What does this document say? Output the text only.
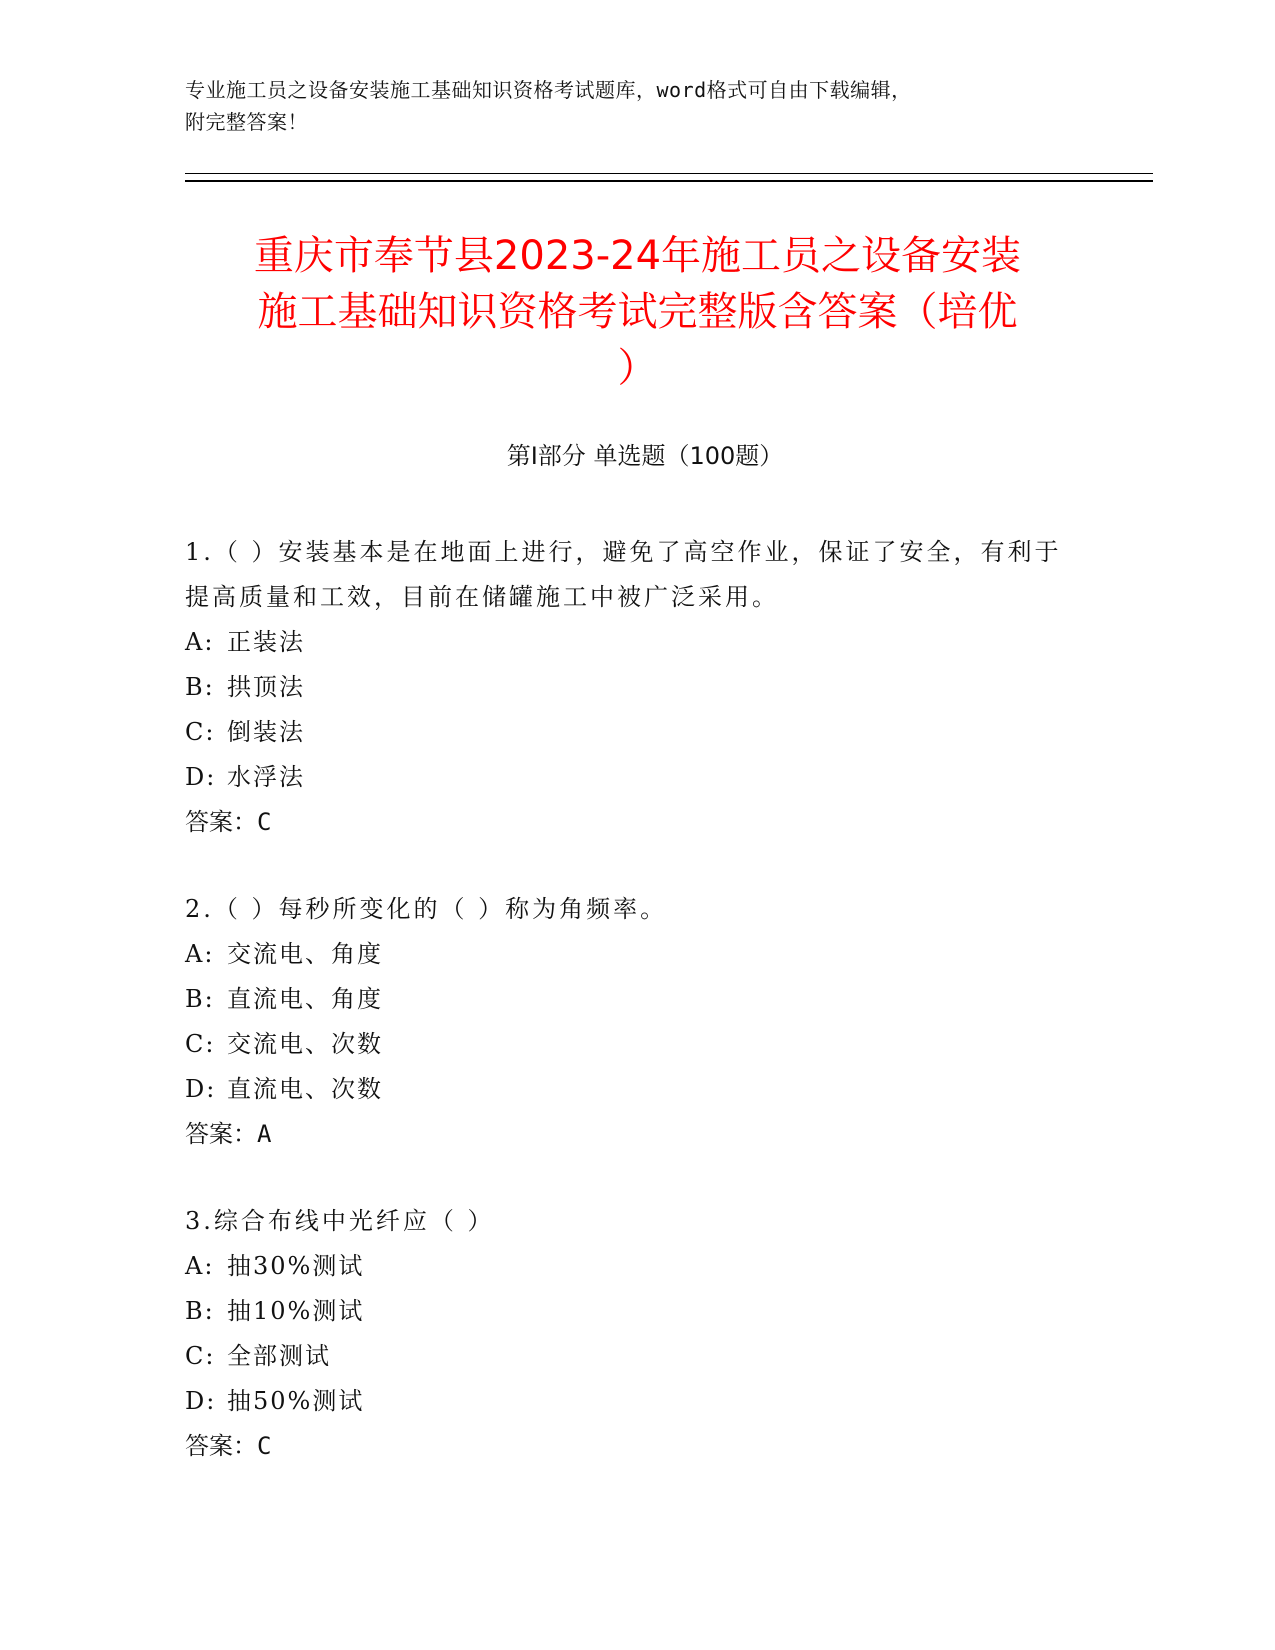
专业施工员之设备安装施工基础知识资格考试题库，word格式可自由下载编辑，
附完整答案！
重庆市奉节县2023-24年施工员之设备安装
施工基础知识资格考试完整版含答案（培优
）
第I部分 单选题（100题）
1.（ ）安装基本是在地面上进行，避免了高空作业，保证了安全，有利于提高质量和工效，目前在储罐施工中被广泛采用。
A: 正装法
B: 拱顶法
C: 倒装法
D: 水浮法
答案：C
2.（ ）每秒所变化的（ ）称为角频率。
A: 交流电、角度
B: 直流电、角度
C: 交流电、次数
D: 直流电、次数
答案：A
3.综合布线中光纤应（ ）
A: 抽30%测试
B: 抽10%测试
C: 全部测试
D: 抽50%测试
答案：C
